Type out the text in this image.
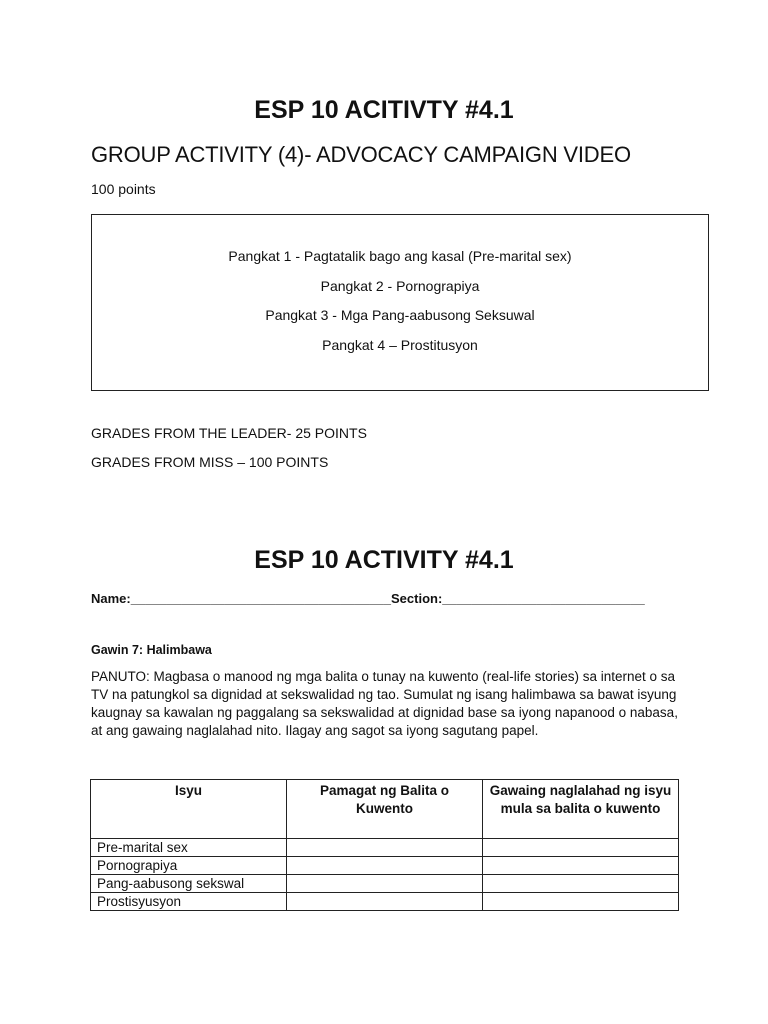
ESP 10 ACITIVTY #4.1
GROUP ACTIVITY (4)- ADVOCACY CAMPAIGN VIDEO
100 points
Pangkat 1 - Pagtatalik bago ang kasal (Pre-marital sex)
Pangkat 2 - Pornograpiya
Pangkat 3 - Mga Pang-aabusong Seksuwal
Pangkat 4 – Prostitusyon
GRADES FROM THE LEADER- 25 POINTS
GRADES FROM MISS – 100 POINTS
ESP 10 ACTIVITY #4.1
Name:____________________________________Section:____________________________
Gawin 7: Halimbawa
PANUTO: Magbasa o manood ng mga balita o tunay na kuwento (real-life stories) sa internet o sa TV na patungkol sa dignidad at sekswalidad ng tao. Sumulat ng isang halimbawa sa bawat isyung kaugnay sa kawalan ng paggalang sa sekswalidad at dignidad base sa iyong napanood o nabasa, at ang gawaing naglalahad nito. Ilagay ang sagot sa iyong sagutang papel.
Isyu	Pamagat ng Balita o Kuwento	Gawaing naglalahad ng isyu mula sa balita o kuwento
Pre-marital sex		
Pornograpiya		
Pang-aabusong sekswal		
Prostisyusyon		
